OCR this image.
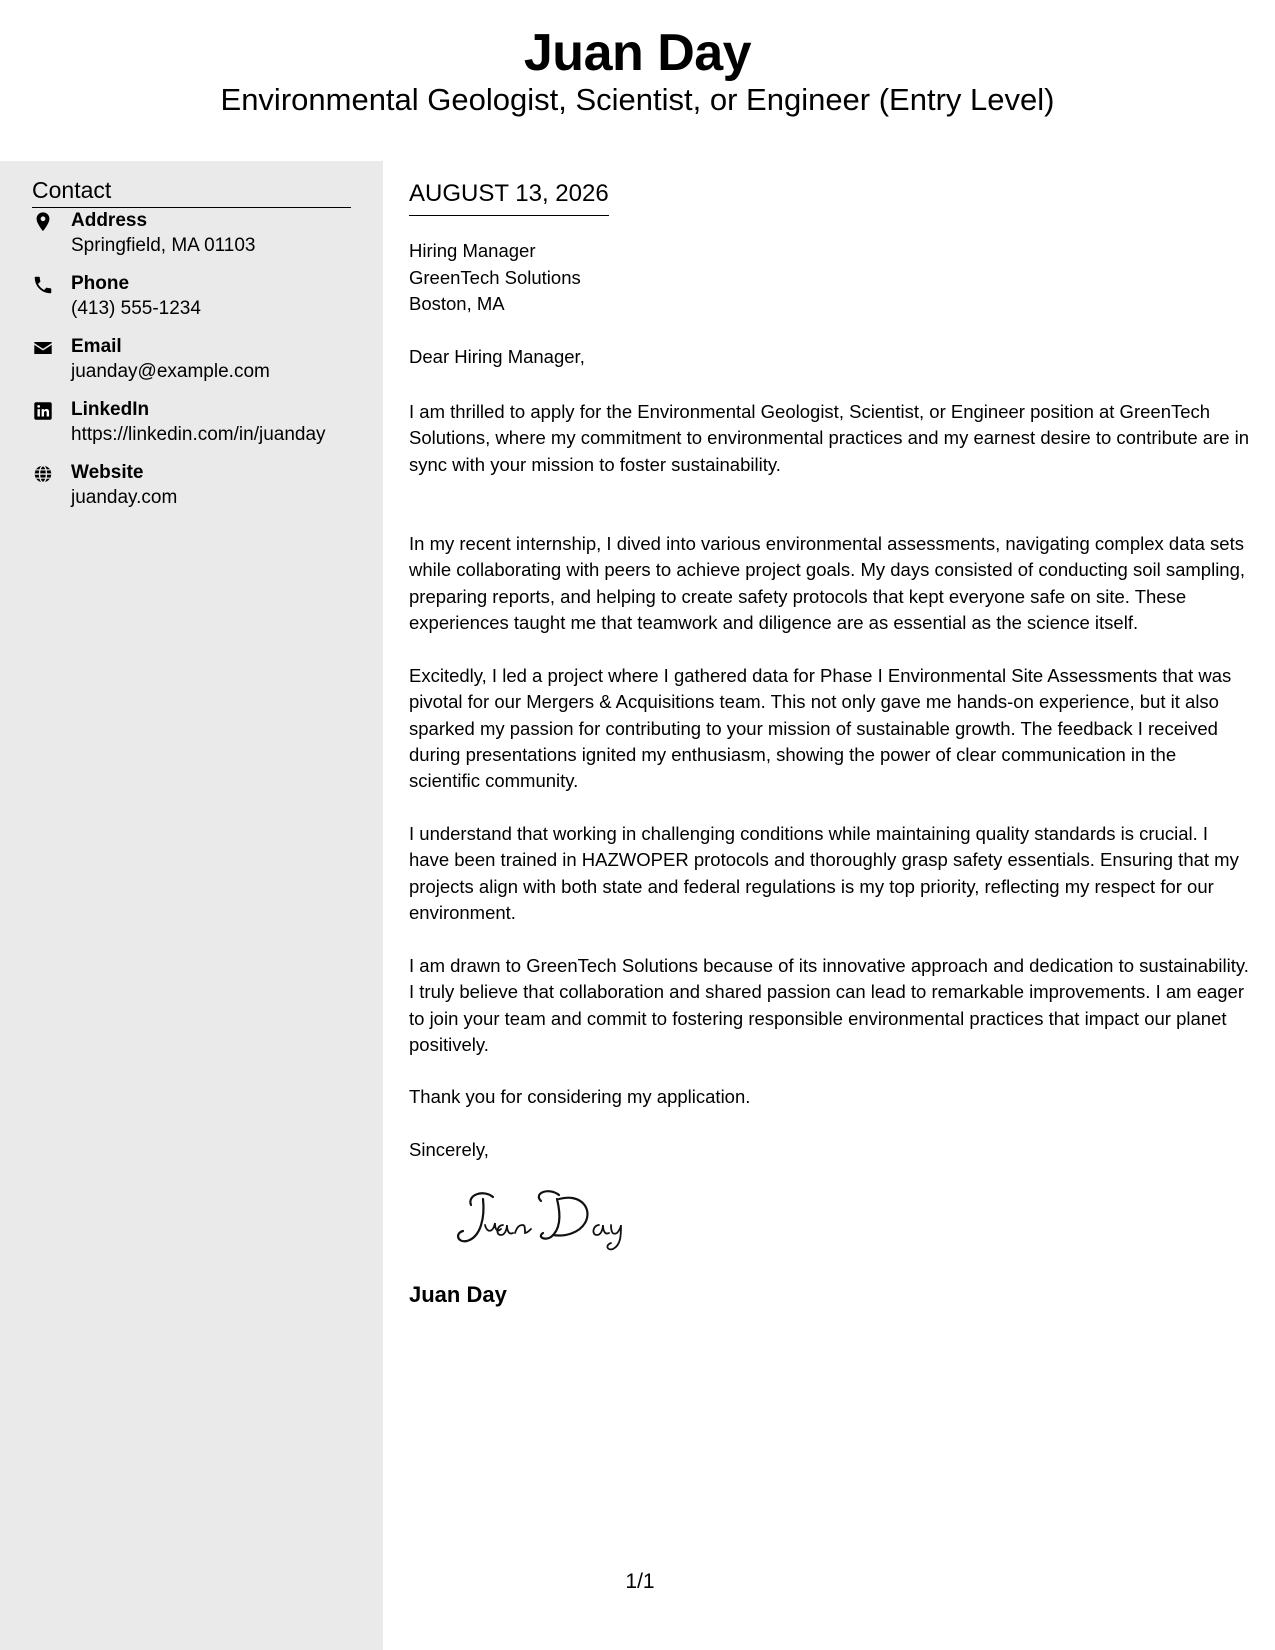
Juan Day
Environmental Geologist, Scientist, or Engineer (Entry Level)
Contact
Address
Springfield, MA 01103
Phone
(413) 555-1234
Email
juanday@example.com
LinkedIn
https://linkedin.com/in/juanday
Website
juanday.com
AUGUST 13, 2026
Hiring Manager
GreenTech Solutions
Boston, MA

Dear Hiring Manager,

I am thrilled to apply for the Environmental Geologist, Scientist, or Engineer position at GreenTech Solutions, where my commitment to environmental practices and my earnest desire to contribute are in sync with your mission to foster sustainability.

In my recent internship, I dived into various environmental assessments, navigating complex data sets while collaborating with peers to achieve project goals. My days consisted of conducting soil sampling, preparing reports, and helping to create safety protocols that kept everyone safe on site. These experiences taught me that teamwork and diligence are as essential as the science itself.

Excitedly, I led a project where I gathered data for Phase I Environmental Site Assessments that was pivotal for our Mergers & Acquisitions team. This not only gave me hands-on experience, but it also sparked my passion for contributing to your mission of sustainable growth. The feedback I received during presentations ignited my enthusiasm, showing the power of clear communication in the scientific community.

I understand that working in challenging conditions while maintaining quality standards is crucial. I have been trained in HAZWOPER protocols and thoroughly grasp safety essentials. Ensuring that my projects align with both state and federal regulations is my top priority, reflecting my respect for our environment.

I am drawn to GreenTech Solutions because of its innovative approach and dedication to sustainability. I truly believe that collaboration and shared passion can lead to remarkable improvements. I am eager to join your team and commit to fostering responsible environmental practices that impact our planet positively.

Thank you for considering my application.

Sincerely,
Juan Day
1/1
